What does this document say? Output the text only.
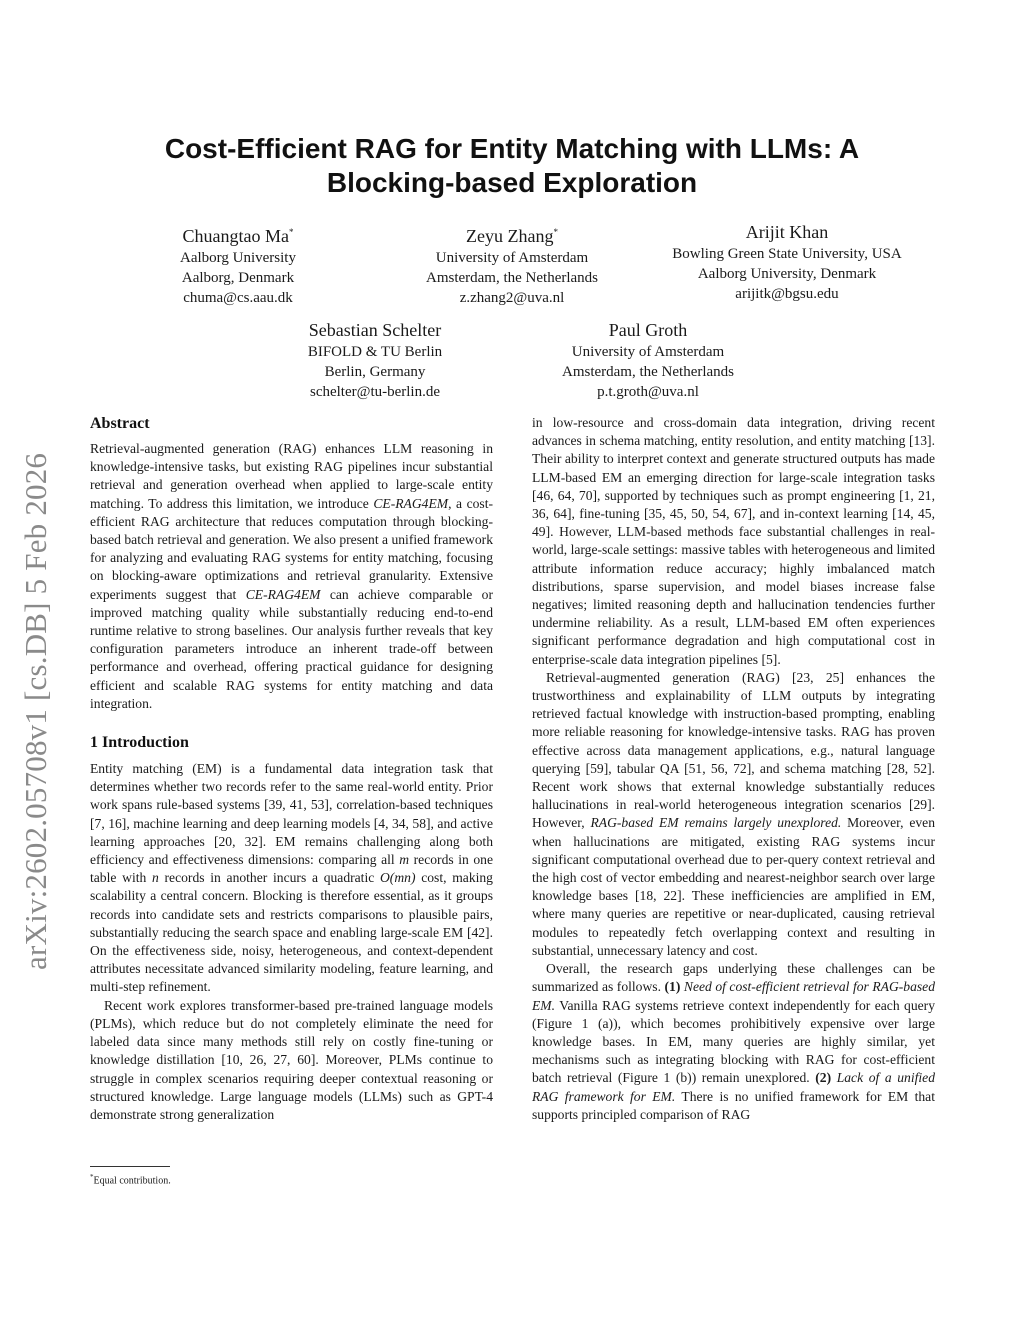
arXiv:2602.05708v1 [cs.DB] 5 Feb 2026
Cost-Efficient RAG for Entity Matching with LLMs: A Blocking-based Exploration
Chuangtao Ma*
Aalborg University
Aalborg, Denmark
chuma@cs.aau.dk
Zeyu Zhang*
University of Amsterdam
Amsterdam, the Netherlands
z.zhang2@uva.nl
Arijit Khan
Bowling Green State University, USA
Aalborg University, Denmark
arijitk@bgsu.edu
Sebastian Schelter
BIFOLD & TU Berlin
Berlin, Germany
schelter@tu-berlin.de
Paul Groth
University of Amsterdam
Amsterdam, the Netherlands
p.t.groth@uva.nl
Abstract

Retrieval-augmented generation (RAG) enhances LLM reasoning in knowledge-intensive tasks, but existing RAG pipelines incur substantial retrieval and generation overhead when applied to large-scale entity matching. To address this limitation, we introduce CE-RAG4EM, a cost-efficient RAG architecture that reduces computation through blocking-based batch retrieval and generation. We also present a unified framework for analyzing and evaluating RAG systems for entity matching, focusing on blocking-aware optimizations and retrieval granularity. Extensive experiments suggest that CE-RAG4EM can achieve comparable or improved matching quality while substantially reducing end-to-end runtime relative to strong baselines. Our analysis further reveals that key configuration parameters introduce an inherent trade-off between performance and overhead, offering practical guidance for designing efficient and scalable RAG systems for entity matching and data integration.

1 Introduction

Entity matching (EM) is a fundamental data integration task that determines whether two records refer to the same real-world entity. Prior work spans rule-based systems [39, 41, 53], correlation-based techniques [7, 16], machine learning and deep learning models [4, 34, 58], and active learning approaches [20, 32]. EM remains challenging along both efficiency and effectiveness dimensions: comparing all m records in one table with n records in another incurs a quadratic O(mn) cost, making scalability a central concern. Blocking is therefore essential, as it groups records into candidate sets and restricts comparisons to plausible pairs, substantially reducing the search space and enabling large-scale EM [42]. On the effectiveness side, noisy, heterogeneous, and context-dependent attributes necessitate advanced similarity modeling, feature learning, and multi-step refinement.

Recent work explores transformer-based pre-trained language models (PLMs), which reduce but do not completely eliminate the need for labeled data since many methods still rely on costly fine-tuning or knowledge distillation [10, 26, 27, 60]. Moreover, PLMs continue to struggle in complex scenarios requiring deeper contextual reasoning or structured knowledge. Large language models (LLMs) such as GPT-4 demonstrate strong generalization

in low-resource and cross-domain data integration, driving recent advances in schema matching, entity resolution, and entity matching [13]. Their ability to interpret context and generate structured outputs has made LLM-based EM an emerging direction for large-scale integration tasks [46, 64, 70], supported by techniques such as prompt engineering [1, 21, 36, 64], fine-tuning [35, 45, 50, 54, 67], and in-context learning [14, 45, 49]. However, LLM-based methods face substantial challenges in real-world, large-scale settings: massive tables with heterogeneous and limited attribute information reduce accuracy; highly imbalanced match distributions, sparse supervision, and model biases increase false negatives; limited reasoning depth and hallucination tendencies further undermine reliability. As a result, LLM-based EM often experiences significant performance degradation and high computational cost in enterprise-scale data integration pipelines [5].

Retrieval-augmented generation (RAG) [23, 25] enhances the trustworthiness and explainability of LLM outputs by integrating retrieved factual knowledge with instruction-based prompting, enabling more reliable reasoning for knowledge-intensive tasks. RAG has proven effective across data management applications, e.g., natural language querying [59], tabular QA [51, 56, 72], and schema matching [28, 52]. Recent work shows that external knowledge substantially reduces hallucinations in real-world heterogeneous integration scenarios [29]. However, RAG-based EM remains largely unexplored. Moreover, even when hallucinations are mitigated, existing RAG systems incur significant computational overhead due to per-query context retrieval and the high cost of vector embedding and nearest-neighbor search over large knowledge bases [18, 22]. These inefficiencies are amplified in EM, where many queries are repetitive or near-duplicated, causing retrieval modules to repeatedly fetch overlapping context and resulting in substantial, unnecessary latency and cost.

Overall, the research gaps underlying these challenges can be summarized as follows. (1) Need of cost-efficient retrieval for RAG-based EM. Vanilla RAG systems retrieve context independently for each query (Figure 1 (a)), which becomes prohibitively expensive over large knowledge bases. In EM, many queries are highly similar, yet mechanisms such as integrating blocking with RAG for cost-efficient batch retrieval (Figure 1 (b)) remain unexplored. (2) Lack of a unified RAG framework for EM. There is no unified framework for EM that supports principled comparison of RAG

*Equal contribution.
